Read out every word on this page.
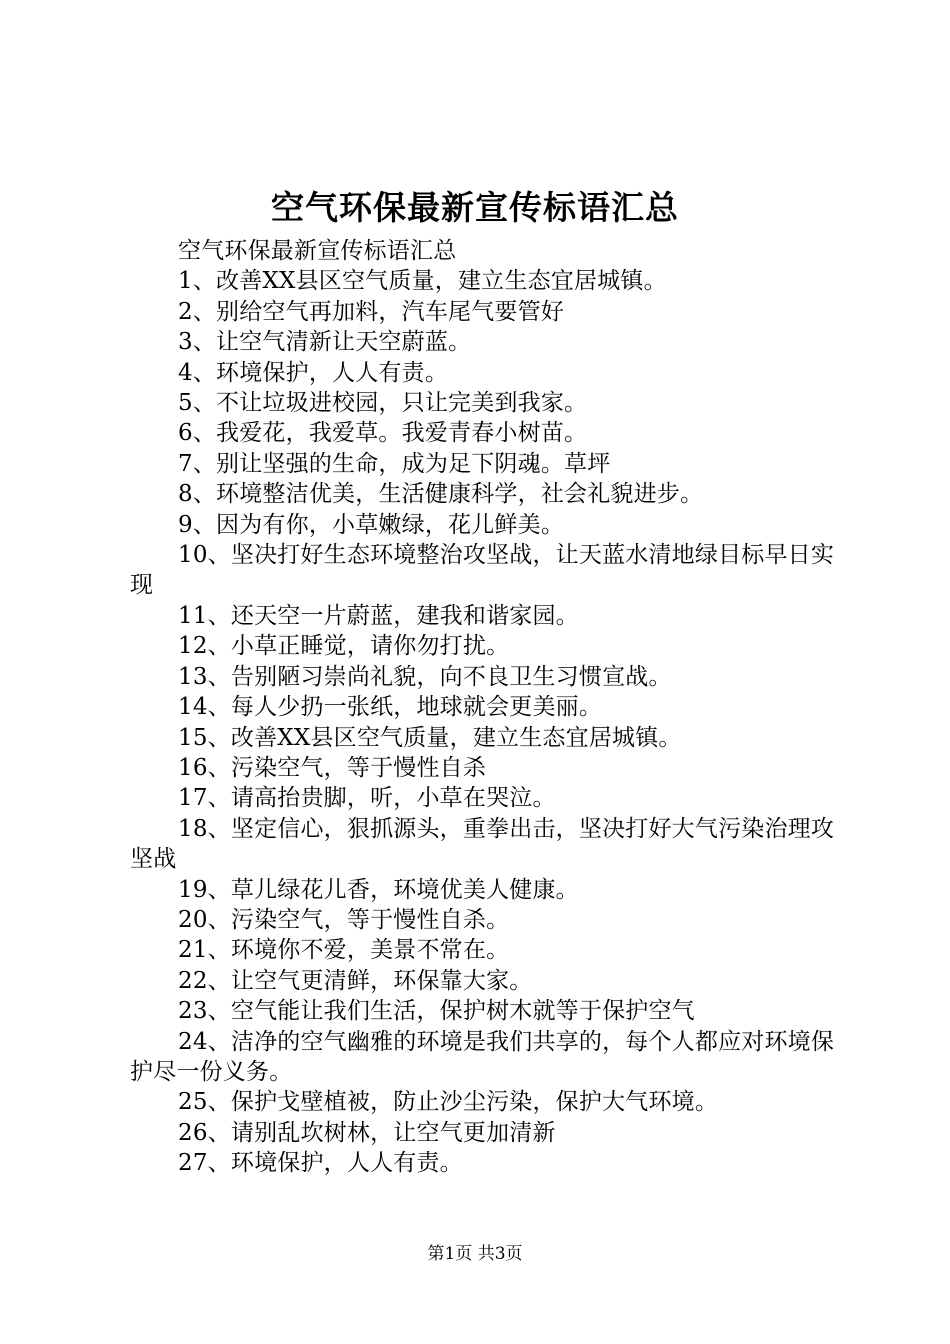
空气环保最新宣传标语汇总

空气环保最新宣传标语汇总

1、改善XX县区空气质量，建立生态宜居城镇。

2、别给空气再加料，汽车尾气要管好

3、让空气清新让天空蔚蓝。

4、环境保护，人人有责。

5、不让垃圾进校园，只让完美到我家。

6、我爱花，我爱草。我爱青春小树苗。

7、别让坚强的生命，成为足下阴魂。草坪

8、环境整洁优美，生活健康科学，社会礼貌进步。

9、因为有你，小草嫩绿，花儿鲜美。

10、坚决打好生态环境整治攻坚战，让天蓝水清地绿目标早日实现

11、还天空一片蔚蓝，建我和谐家园。

12、小草正睡觉，请你勿打扰。

13、告别陋习崇尚礼貌，向不良卫生习惯宣战。

14、每人少扔一张纸，地球就会更美丽。

15、改善XX县区空气质量，建立生态宜居城镇。

16、污染空气，等于慢性自杀

17、请高抬贵脚，听，小草在哭泣。

18、坚定信心，狠抓源头，重拳出击，坚决打好大气污染治理攻坚战

19、草儿绿花儿香，环境优美人健康。

20、污染空气，等于慢性自杀。

21、环境你不爱，美景不常在。

22、让空气更清鲜，环保靠大家。

23、空气能让我们生活，保护树木就等于保护空气

24、洁净的空气幽雅的环境是我们共享的，每个人都应对环境保护尽一份义务。

25、保护戈壁植被，防止沙尘污染，保护大气环境。

26、请别乱坎树林，让空气更加清新

27、环境保护，人人有责。

第1页 共3页
